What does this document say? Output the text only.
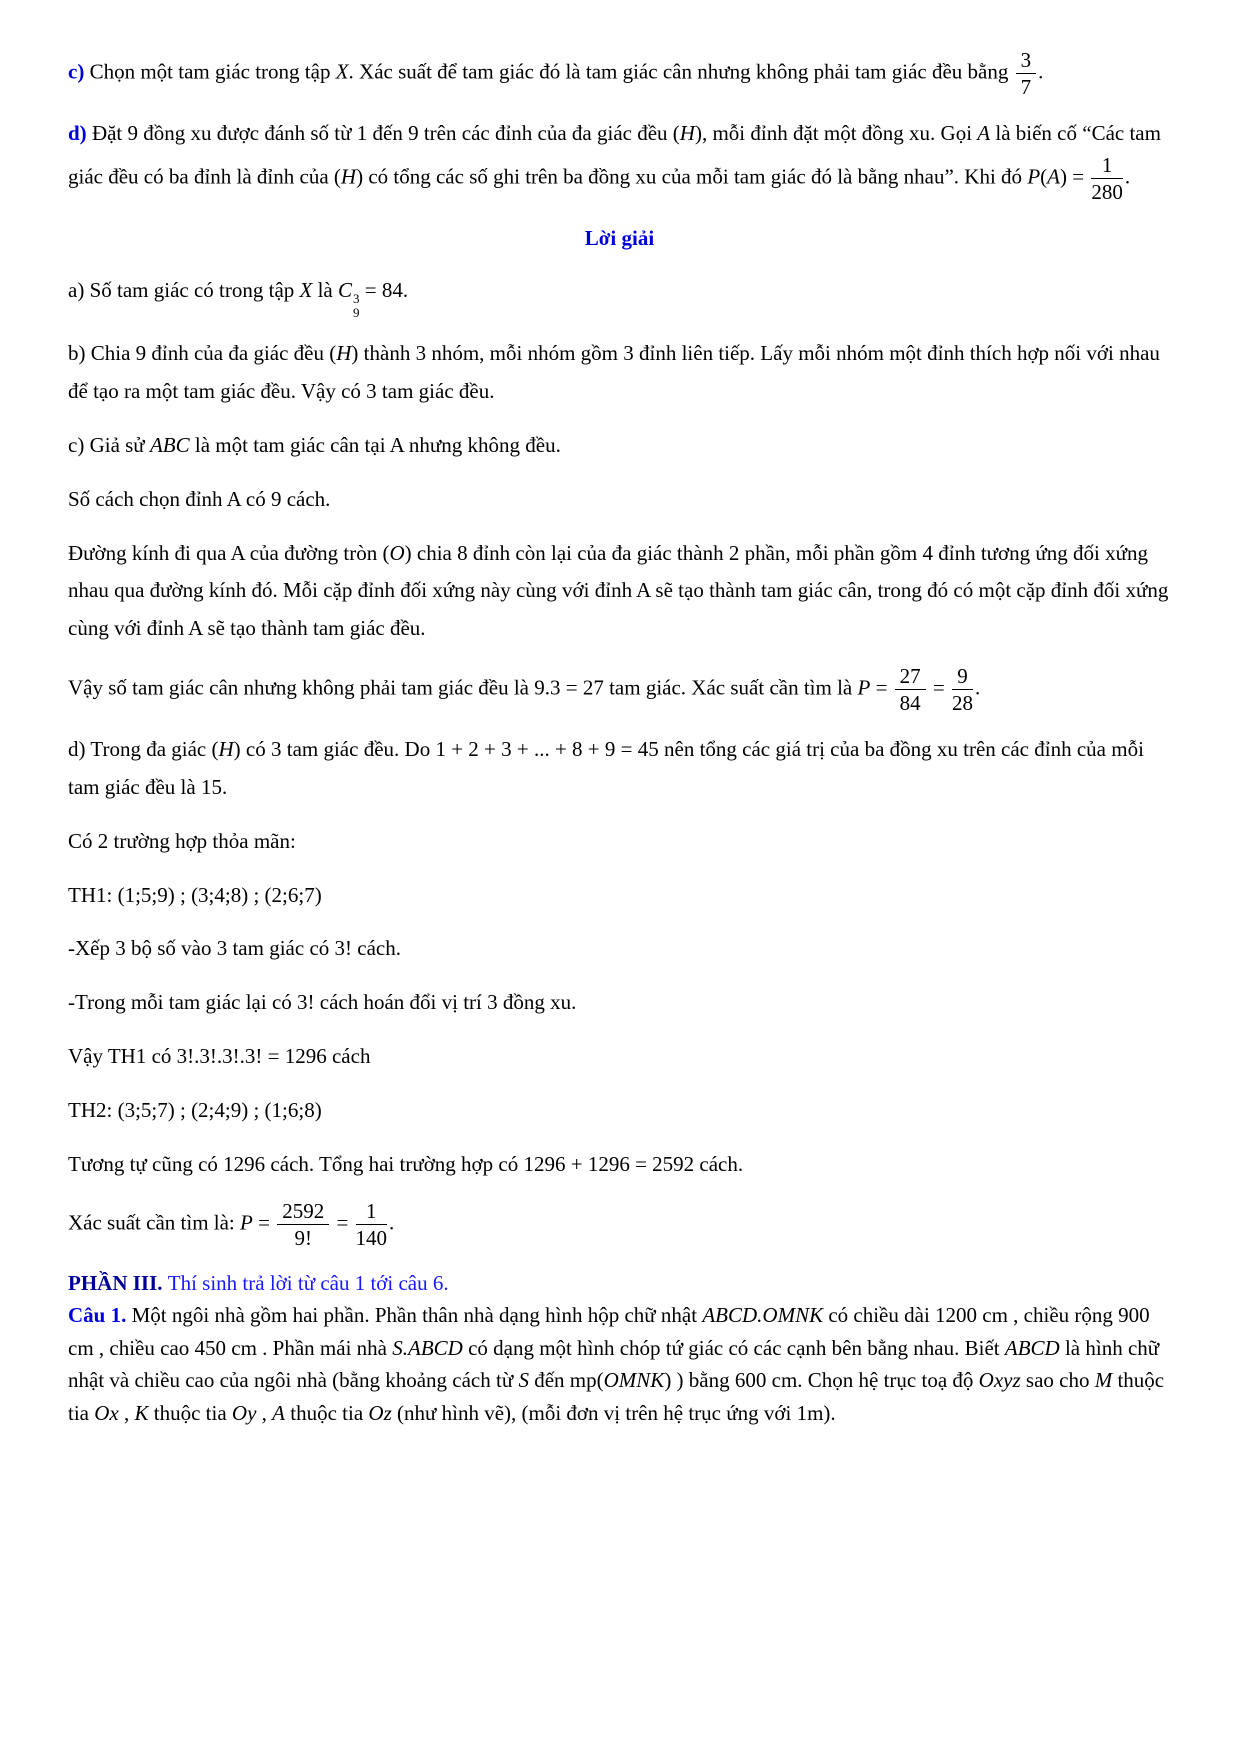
c) Chọn một tam giác trong tập X. Xác suất để tam giác đó là tam giác cân nhưng không phải tam giác đều bằng $\frac{3}{7}$ .

d) Đặt 9 đồng xu được đánh số từ 1 đến 9 trên các đỉnh của đa giác đều (H), mỗi đỉnh đặt một đồng xu. Gọi A là biến cố “Các tam giác đều có ba đỉnh là đỉnh của (H) có tổng các số ghi trên ba đồng xu của mỗi tam giác đó là bằng nhau”. Khi đó $P(A) = \frac{1}{280}$ .

Lời giải

a) Số tam giác có trong tập X là C 3
9
= 84.

b) Chia 9 đỉnh của đa giác đều (H) thành 3 nhóm, mỗi nhóm gồm 3 đỉnh liên tiếp. Lấy mỗi nhóm một đỉnh thích hợp nối với nhau để tạo ra một tam giác đều. Vậy có 3 tam giác đều.

c) Giả sử ABC là một tam giác cân tại A nhưng không đều.

Số cách chọn đỉnh A có 9 cách.

Đường kính đi qua A của đường tròn (O) chia 8 đỉnh còn lại của đa giác thành 2 phần, mỗi phần gồm 4 đỉnh tương ứng đối xứng nhau qua đường kính đó. Mỗi cặp đỉnh đối xứng này cùng với đỉnh A sẽ tạo thành tam giác cân, trong đó có một cặp đỉnh đối xứng cùng với đỉnh A sẽ tạo thành tam giác đều.

Vậy số tam giác cân nhưng không phải tam giác đều là 9.3 = 27 tam giác. Xác suất cần tìm là $P = \frac{27}{84} = \frac{9}{28}$ .

d) Trong đa giác (H) có 3 tam giác đều. Do 1 + 2 + 3 + ... + 8 + 9 = 45 nên tổng các giá trị của ba đồng xu trên các đỉnh của mỗi tam giác đều là 15.

Có 2 trường hợp thỏa mãn:

TH1: (1;5;9) ; (3;4;8) ; (2;6;7)

-Xếp 3 bộ số vào 3 tam giác có 3! cách.

-Trong mỗi tam giác lại có 3! cách hoán đổi vị trí 3 đồng xu.

Vậy TH1 có 3!.3!.3!.3! = 1296 cách

TH2: (3;5;7) ; (2;4;9) ; (1;6;8)

Tương tự cũng có 1296 cách. Tổng hai trường hợp có 1296 + 1296 = 2592 cách.

Xác suất cần tìm là: $P = \frac{2592}{9!} = \frac{1}{140}$ .

PHẦN III. Thí sinh trả lời từ câu 1 tới câu 6.

Câu 1. Một ngôi nhà gồm hai phần. Phần thân nhà dạng hình hộp chữ nhật ABCD.OMNK có chiều dài 1200 cm , chiều rộng 900 cm , chiều cao 450 cm . Phần mái nhà S.ABCD có dạng một hình chóp tứ giác có các cạnh bên bằng nhau. Biết ABCD là hình chữ nhật và chiều cao của ngôi nhà (bằng khoảng cách từ S đến mp(OMNK) ) bằng 600 cm. Chọn hệ trục toạ độ Oxyz sao cho M thuộc tia Ox , K thuộc tia Oy , A thuộc tia Oz (như hình vẽ), (mỗi đơn vị trên hệ trục ứng với 1m).
